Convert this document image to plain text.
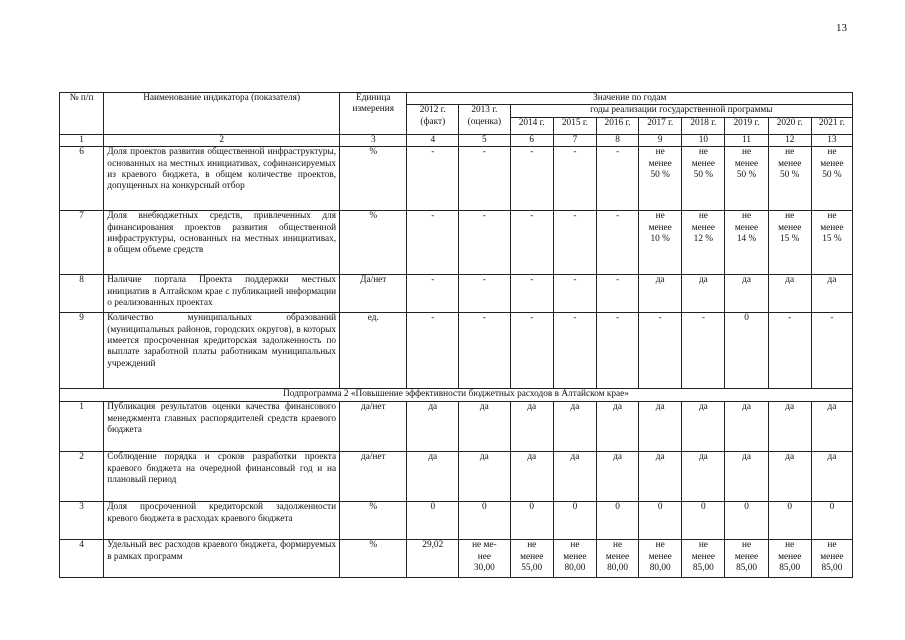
13
№ п/п	Наименование индикатора (показателя)	Единица измерения	Значение по годам									
			2012 г. (факт)	2013 г. (оценка)	годы реализации государственной программы							
					2014 г.	2015 г.	2016 г.	2017 г.	2018 г.	2019 г.	2020 г.	2021 г.
1	2	3	4	5	6	7	8	9	10	11	12	13
6	Доля проектов развития общественной инфраструктуры, основанных на местных инициативах, софинансируемых из краевого бюджета, в общем количестве проектов, допущенных на конкурсный отбор	%	-	-	-	-	-	не
менее
50 %	не
менее
50 %	не
менее
50 %	не
менее
50 %	не
менее
50 %
7	Доля внебюджетных средств, привлеченных для финансирования проектов развития общественной инфраструктуры, основанных на местных инициативах, в общем объеме средств	%	-	-	-	-	-	не
менее
10 %	не
менее
12 %	не
менее
14 %	не
менее
15 %	не
менее
15 %
8	Наличие портала Проекта поддержки местных инициатив в Алтайском крае с публикацией информации о реализованных проектах	Да/нет	-	-	-	-	-	да	да	да	да	да
9	Количество муниципальных образований (муниципальных районов, городских округов), в которых имеется просроченная кредиторская задолженность по выплате заработной платы работникам муниципальных учреждений	ед.	-	-	-	-	-	-	-	0	-	-
Подпрограмма 2 «Повышение эффективности бюджетных расходов в Алтайском крае»												
1	Публикация результатов оценки качества финансового менеджмента главных распорядителей средств краевого бюджета	да/нет	да	да	да	да	да	да	да	да	да	да
2	Соблюдение порядка и сроков разработки проекта краевого бюджета на очередной финансовый год и на плановый период	да/нет	да	да	да	да	да	да	да	да	да	да
3	Доля просроченной кредиторской задолженности кревого бюджета в расходах краевого бюджета	%	0	0	0	0	0	0	0	0	0	0
4	Удельный вес расходов краевого бюджета, формируемых в рамках программ	%	29,02	не ме-
нее
30,00	не
менее
55,00	не
менее
80,00	не
менее
80,00	не
менее
80,00	не
менее
85,00	не
менее
85,00	не
менее
85,00	не
менее
85,00
